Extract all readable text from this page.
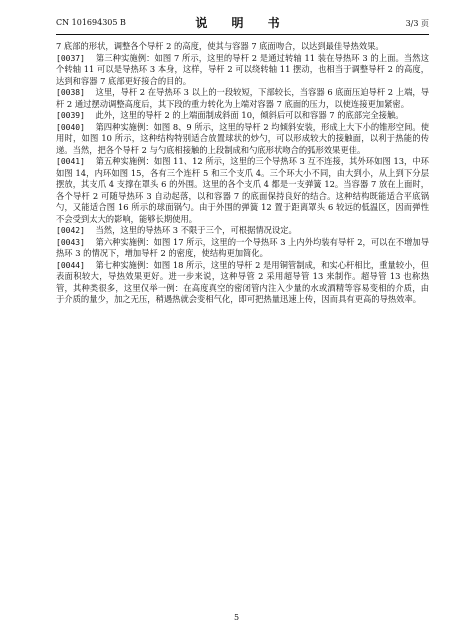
CN 101694305 B	说 明 书	3/3 页

7 底部的形状，调整各个导杆 2 的高度，使其与容器 7 底面吻合，以达到最佳导热效果。

[0037] 第三种实施例：如图 7 所示，这里的导杆 2 是通过转轴 11 装在导热环 3 的上面。当然这个转轴 11 可以是导热环 3 本身，这样，导杆 2 可以绕转轴 11 摆动，也相当于调整导杆 2 的高度，达到和容器 7 底部更好接合的目的。

[0038] 这里，导杆 2 在导热环 3 以上的一段较短，下部较长，当容器 6 底面压迫导杆 2 上端，导杆 2 通过摆动调整高度后，其下段的重力转化为上端对容器 7 底面的压力，以使连接更加紧密。

[0039] 此外，这里的导杆 2 的上端面制成斜面 10，倾斜后可以和容器 7 的底部完全接触。

[0040] 第四种实施例：如图 8、9 所示，这里的导杆 2 均倾斜安装，形成上大下小的锥形空间。使用时，如图 10 所示，这种结构特别适合放置球状的炒勺，可以形成较大的接触面，以利于热能的传递。当然，把各个导杆 2 与勺底相接触的上段制成和勺底形状吻合的弧形效果更佳。

[0041] 第五种实施例：如图 11、12 所示，这里的三个导热环 3 互不连接，其外环如图 13，中环如图 14，内环如图 15，各有三个连杆 5 和三个支爪 4。三个环大小不同，由大到小，从上到下分层摆放，其支爪 4 支撑在罩头 6 的外围。这里的各个支爪 4 都是一支弹簧 12。当容器 7 放在上面时，各个导杆 2 可随导热环 3 自动起落，以和容器 7 的底面保持良好的结合。这种结构既能适合平底锅勺，又能适合图 16 所示的球面锅勺。由于外围的弹簧 12 置于距离罩头 6 较远的低温区，因而弹性不会受到太大的影响，能够长期使用。

[0042] 当然，这里的导热环 3 不限于三个，可根据情况设定。

[0043] 第六种实施例：如图 17 所示，这里的一个导热环 3 上内外均装有导杆 2，可以在不增加导热环 3 的情况下，增加导杆 2 的密度，使结构更加简化。

[0044] 第七种实施例：如图 18 所示，这里的导杆 2 是用铜管制成，和实心杆相比，重量较小，但表面积较大，导热效果更好。进一步来说，这种导管 2 采用超导管 13 来制作。超导管 13 也称热管，其种类很多，这里仅举一例：在高度真空的密闭管内注入少量的水或酒精等容易变相的介质，由于介质的量少，加之无压，稍遇热就会变相气化，即可把热量迅速上传，因而具有更高的导热效率。

5
